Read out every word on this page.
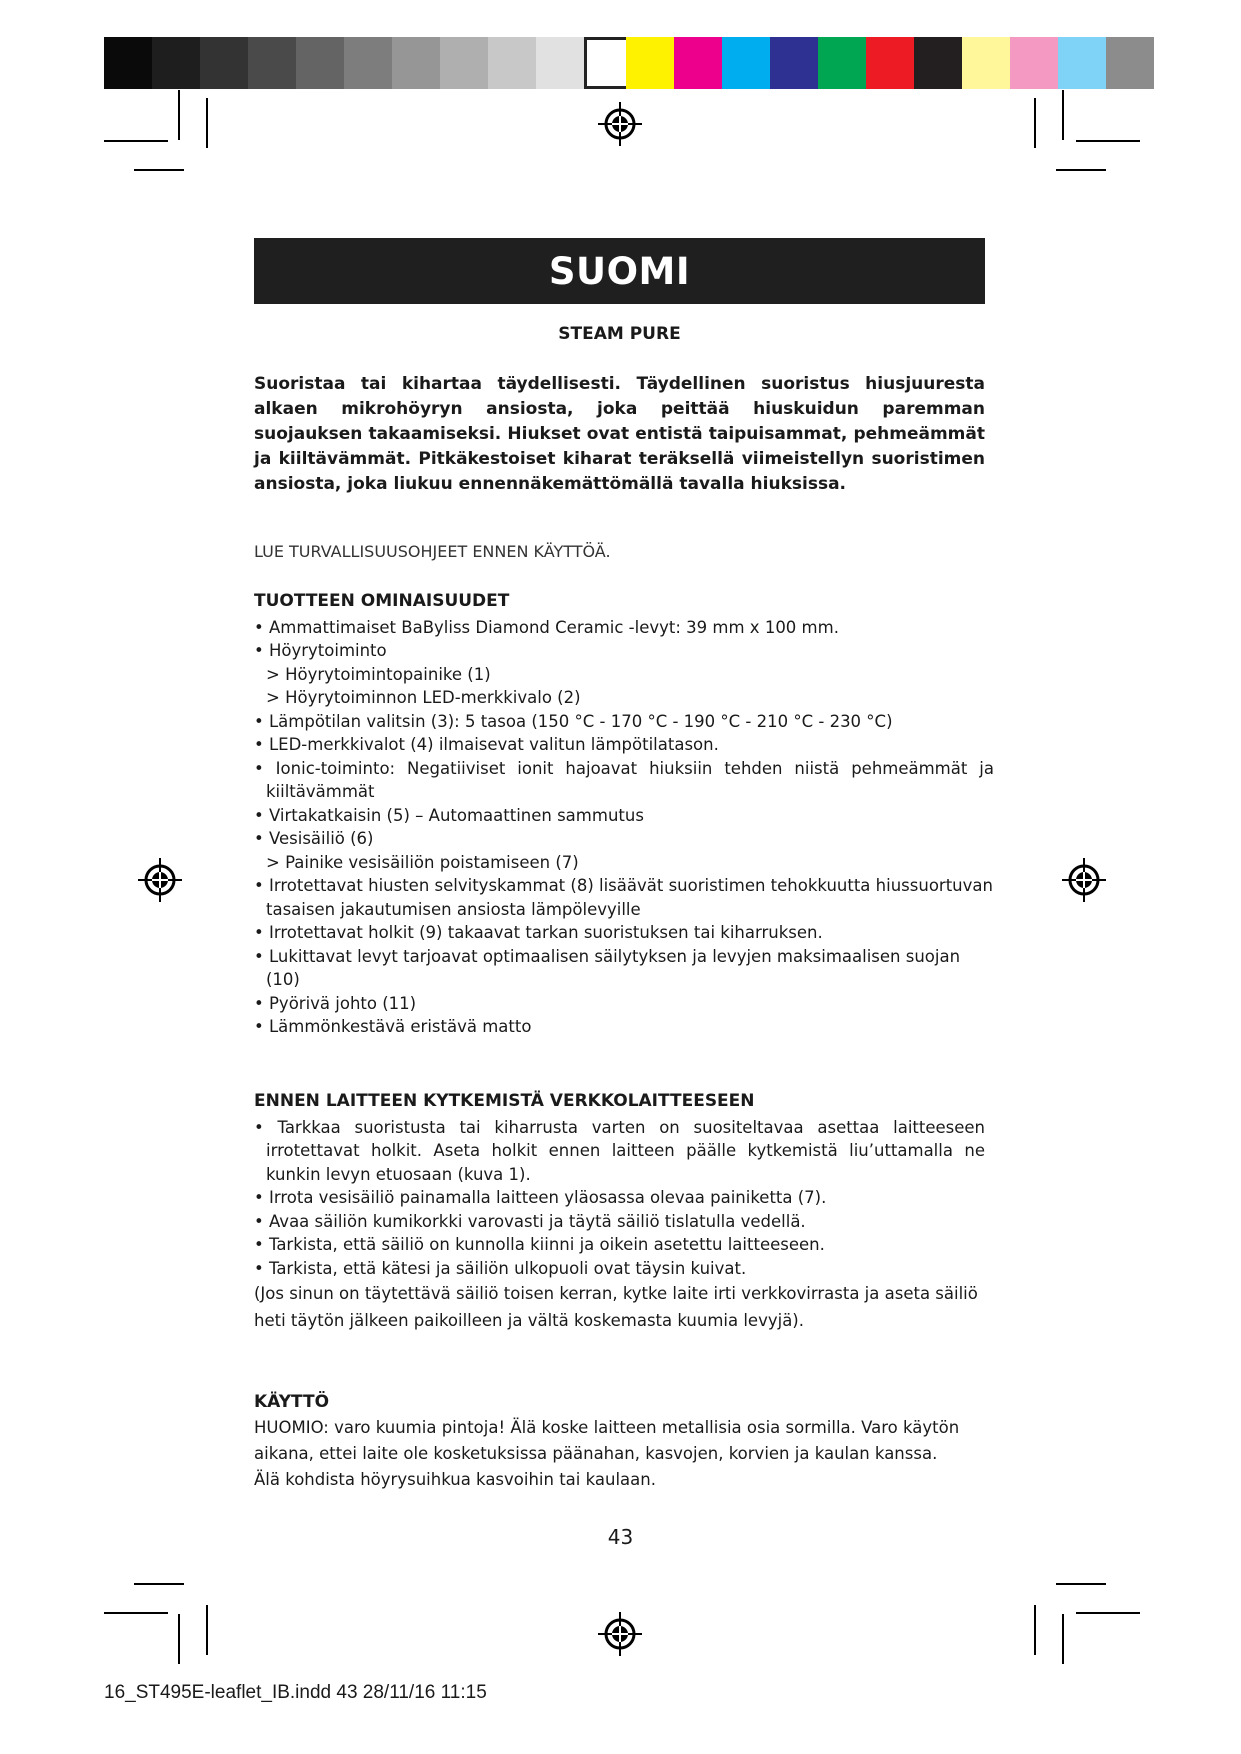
SUOMI
STEAM PURE

Suoristaa tai kihartaa täydellisesti. Täydellinen suoristus hiusjuuresta alkaen mikrohöyryn ansiosta, joka peittää hiuskuidun paremman suojauksen takaamiseksi. Hiukset ovat entistä taipuisammat, pehmeämmät ja kiiltävämmät. Pitkäkestoiset kiharat teräksellä viimeistellyn suoristimen ansiosta, joka liukuu ennennäkemättömällä tavalla hiuksissa.

LUE TURVALLISUUSOHJEET ENNEN KÄYTTÖÄ.
TUOTTEEN OMINAISUUDET

• Ammattimaiset BaByliss Diamond Ceramic -levyt: 39 mm x 100 mm.

• Höyrytoiminto

> Höyrytoimintopainike (1)

> Höyrytoiminnon LED-merkkivalo (2)

• Lämpötilan valitsin (3): 5 tasoa (150 °C - 170 °C - 190 °C - 210 °C - 230 °C)

• LED-merkkivalot (4) ilmaisevat valitun lämpötilatason.

• Ionic-toiminto: Negatiiviset ionit hajoavat hiuksiin tehden niistä pehmeämmät ja kiiltävämmät

• Virtakatkaisin (5) – Automaattinen sammutus

• Vesisäiliö (6)

> Painike vesisäiliön poistamiseen (7)

• Irrotettavat hiusten selvityskammat (8) lisäävät suoristimen tehokkuutta hiussuortuvan tasaisen jakautumisen ansiosta lämpölevyille

• Irrotettavat holkit (9) takaavat tarkan suoristuksen tai kiharruksen.

• Lukittavat levyt tarjoavat optimaalisen säilytyksen ja levyjen maksimaalisen suojan (10)

• Pyörivä johto (11)

• Lämmönkestävä eristävä matto

ENNEN LAITTEEN KYTKEMISTÄ VERKKOLAITTEESEEN

• Tarkkaa suoristusta tai kiharrusta varten on suositeltavaa asettaa laitteeseen irrotettavat holkit. Aseta holkit ennen laitteen päälle kytkemistä liu’uttamalla ne kunkin levyn etuosaan (kuva 1).

• Irrota vesisäiliö painamalla laitteen yläosassa olevaa painiketta (7).

• Avaa säiliön kumikorkki varovasti ja täytä säiliö tislatulla vedellä.

• Tarkista, että säiliö on kunnolla kiinni ja oikein asetettu laitteeseen.

• Tarkista, että kätesi ja säiliön ulkopuoli ovat täysin kuivat.

(Jos sinun on täytettävä säiliö toisen kerran, kytke laite irti verkkovirrasta ja aseta säiliö heti täytön jälkeen paikoilleen ja vältä koskemasta kuumia levyjä).

KÄYTTÖ

HUOMIO: varo kuumia pintoja! Älä koske laitteen metallisia osia sormilla. Varo käytön aikana, ettei laite ole kosketuksissa päänahan, kasvojen, korvien ja kaulan kanssa.

Älä kohdista höyrysuihkua kasvoihin tai kaulaan.

43
16_ST495E-leaflet_IB.indd 43 28/11/16 11:15
